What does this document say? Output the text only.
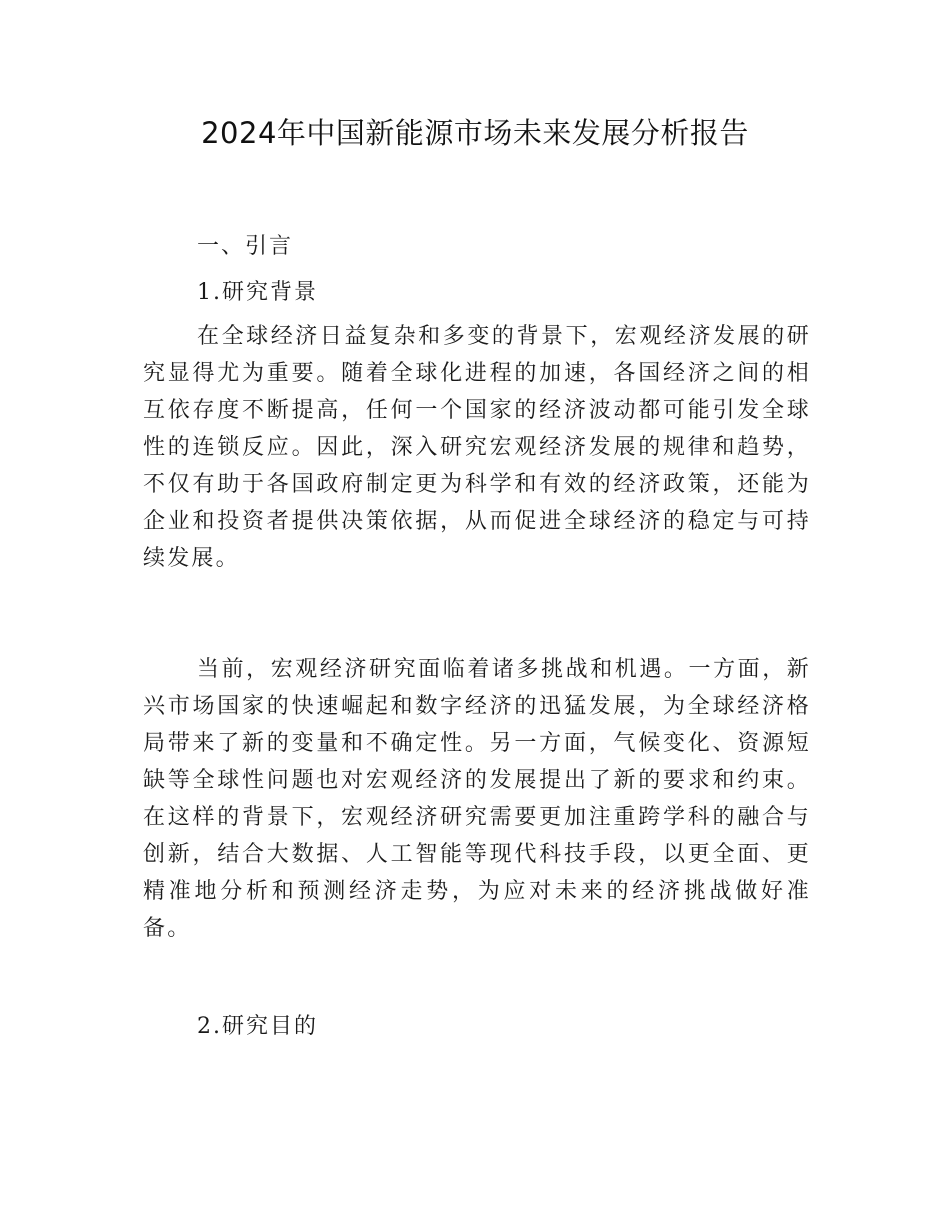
2024年中国新能源市场未来发展分析报告

一、引言

1.研究背景

在全球经济日益复杂和多变的背景下，宏观经济发展的研究显得尤为重要。随着全球化进程的加速，各国经济之间的相互依存度不断提高，任何一个国家的经济波动都可能引发全球性的连锁反应。因此，深入研究宏观经济发展的规律和趋势，不仅有助于各国政府制定更为科学和有效的经济政策，还能为企业和投资者提供决策依据，从而促进全球经济的稳定与可持续发展。

当前，宏观经济研究面临着诸多挑战和机遇。一方面，新兴市场国家的快速崛起和数字经济的迅猛发展，为全球经济格局带来了新的变量和不确定性。另一方面，气候变化、资源短缺等全球性问题也对宏观经济的发展提出了新的要求和约束。在这样的背景下，宏观经济研究需要更加注重跨学科的融合与创新，结合大数据、人工智能等现代科技手段，以更全面、更精准地分析和预测经济走势，为应对未来的经济挑战做好准备。

2.研究目的
